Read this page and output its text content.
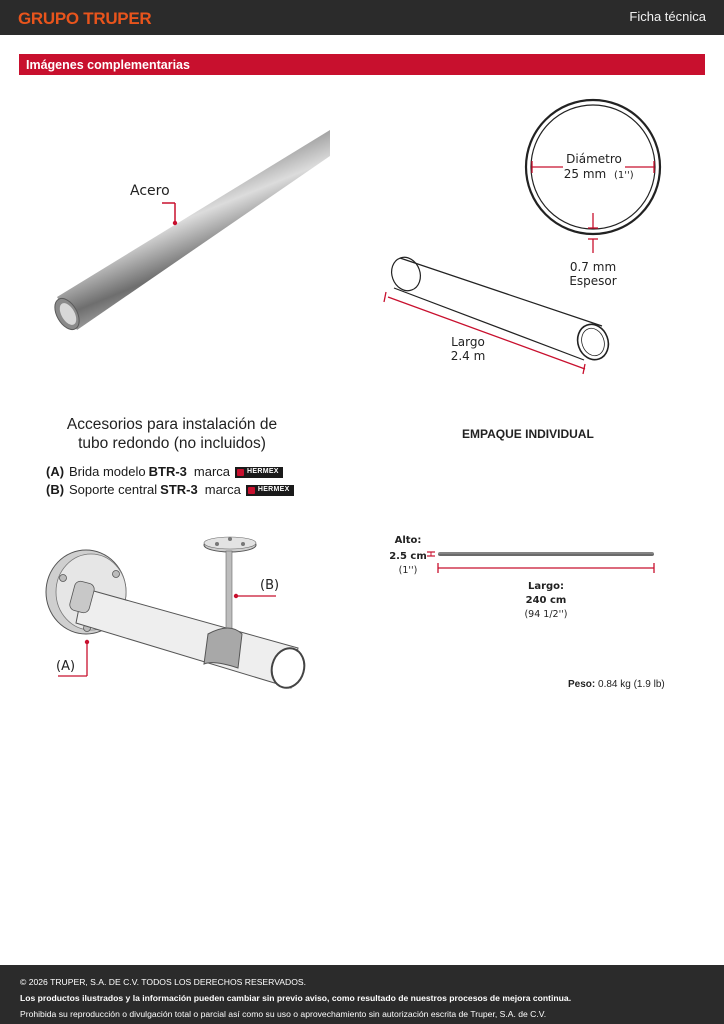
GRUPO TRUPER	Ficha técnica
Imágenes complementarias
Acero
Diámetro
25 mm (1'')
0.7 mm
Espesor
Largo
2.4 m
Accesorios para instalación de
tubo redondo (no incluidos)
(A) Brida modelo BTR-3 marca HERMEX
(B) Soporte central STR-3 marca HERMEX
(B)
(A)
EMPAQUE INDIVIDUAL
Alto:
2.5 cm
(1'')
Largo:
240 cm
(94 1/2'')
Peso: 0.84 kg (1.9 lb)
© 2026 TRUPER, S.A. DE C.V. TODOS LOS DERECHOS RESERVADOS.
Los productos ilustrados y la información pueden cambiar sin previo aviso, como resultado de nuestros procesos de mejora continua.
Prohibida su reproducción o divulgación total o parcial así como su uso o aprovechamiento sin autorización escrita de Truper, S.A. de C.V.
